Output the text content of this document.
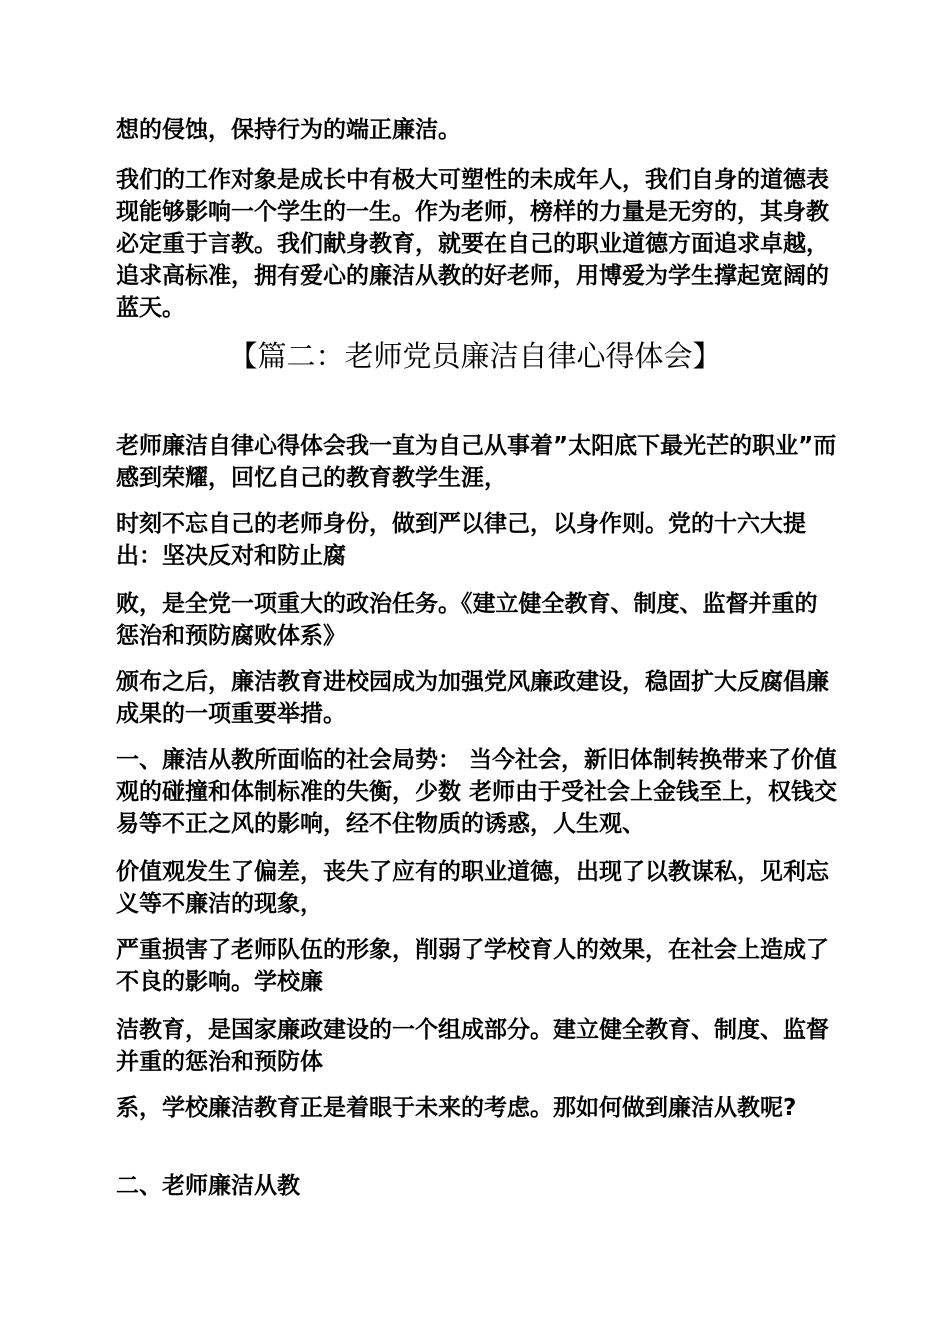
想的侵蚀，保持行为的端正廉洁。

我们的工作对象是成长中有极大可塑性的未成年人，我们自身的道德表现能够影响一个学生的一生。作为老师，榜样的力量是无穷的，其身教必定重于言教。我们献身教育，就要在自己的职业道德方面追求卓越，追求高标准，拥有爱心的廉洁从教的好老师，用博爱为学生撑起宽阔的蓝天。

【篇二：老师党员廉洁自律心得体会】

老师廉洁自律心得体会我一直为自己从事着”太阳底下最光芒的职业”而感到荣耀，回忆自己的教育教学生涯，

时刻不忘自己的老师身份，做到严以律己，以身作则。党的十六大提出：坚决反对和防止腐

败，是全党一项重大的政治任务。《建立健全教育、制度、监督并重的惩治和预防腐败体系》

颁布之后，廉洁教育进校园成为加强党风廉政建设，稳固扩大反腐倡廉成果的一项重要举措。

一、廉洁从教所面临的社会局势： 当今社会，新旧体制转换带来了价值观的碰撞和体制标准的失衡，少数 老师由于受社会上金钱至上，权钱交易等不正之风的影响，经不住物质的诱惑，人生观、

价值观发生了偏差，丧失了应有的职业道德，出现了以教谋私，见利忘义等不廉洁的现象，

严重损害了老师队伍的形象，削弱了学校育人的效果，在社会上造成了不良的影响。学校廉

洁教育，是国家廉政建设的一个组成部分。建立健全教育、制度、监督并重的惩治和预防体

系，学校廉洁教育正是着眼于未来的考虑。那如何做到廉洁从教呢?

二、老师廉洁从教
